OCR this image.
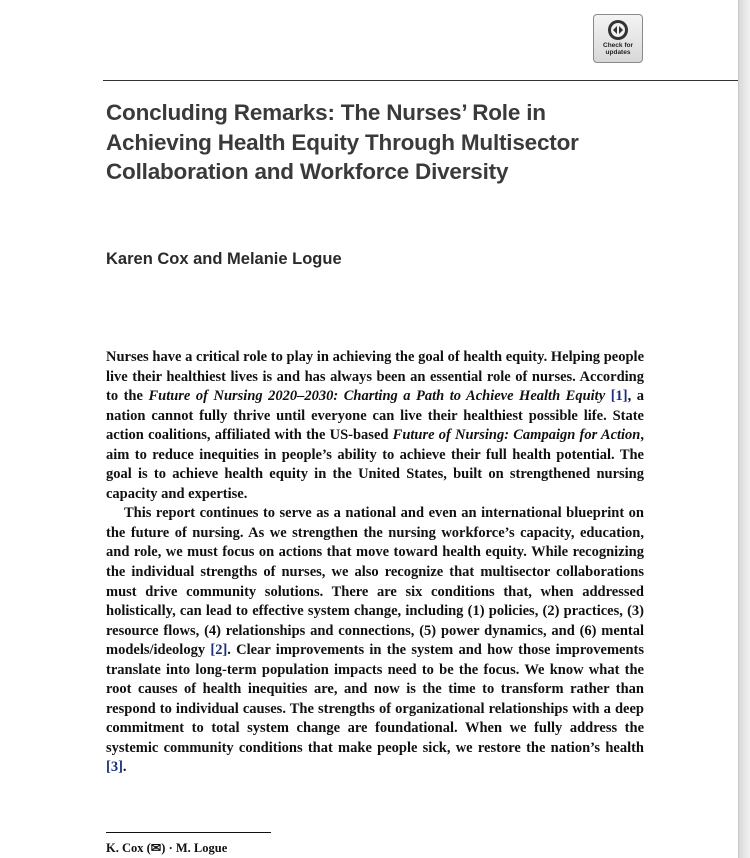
Check for
updates
Concluding Remarks: The Nurses’ Role in Achieving Health Equity Through Multisector Collaboration and Workforce Diversity
Karen Cox and Melanie Logue

Nurses have a critical role to play in achieving the goal of health equity. Helping people live their healthiest lives is and has always been an essential role of nurses. According to the Future of Nursing 2020–2030: Charting a Path to Achieve Health Equity [1], a nation cannot fully thrive until everyone can live their healthiest possible life. State action coalitions, affiliated with the US-based Future of Nursing: Campaign for Action, aim to reduce inequities in people’s ability to achieve their full health potential. The goal is to achieve health equity in the United States, built on strengthened nursing capacity and expertise.

This report continues to serve as a national and even an international blueprint on the future of nursing. As we strengthen the nursing workforce’s capacity, education, and role, we must focus on actions that move toward health equity. While recognizing the individual strengths of nurses, we also recognize that multisector collaborations must drive community solutions. There are six conditions that, when addressed holistically, can lead to effective system change, including (1) policies, (2) practices, (3) resource flows, (4) relationships and connections, (5) power dynamics, and (6) mental models/ideology [2]. Clear improvements in the system and how those improvements translate into long-term population impacts need to be the focus. We know what the root causes of health inequities are, and now is the time to transform rather than respond to individual causes. The strengths of organizational relationships with a deep commitment to total system change are foundational. When we fully address the systemic community conditions that make people sick, we restore the nation’s health [3].

K. Cox (✉) · M. Logue
